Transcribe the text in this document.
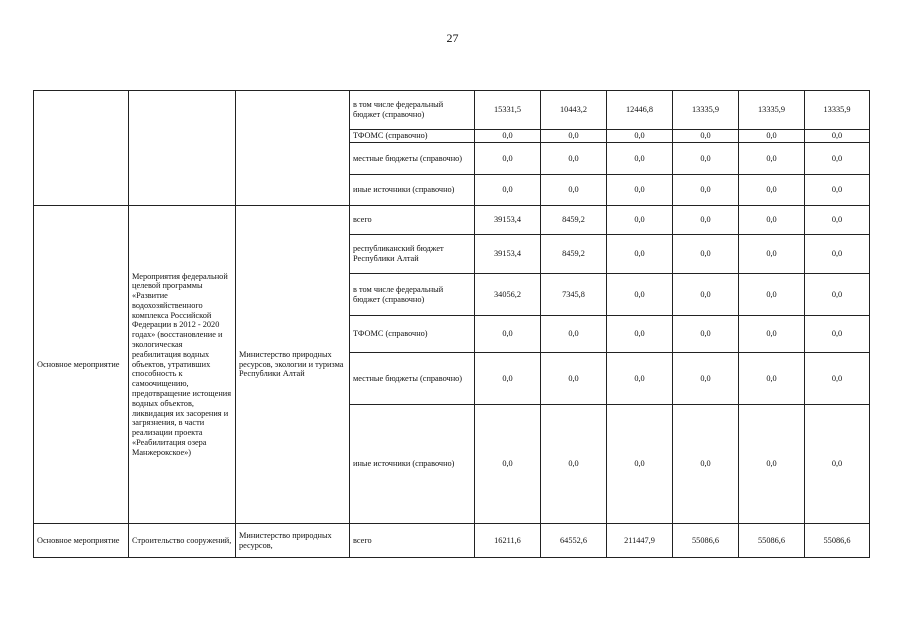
27
			в том числе федеральный бюджет (справочно)	15331,5	10443,2	12446,8	13335,9	13335,9	13335,9
			ТФОМС (справочно)	0,0	0,0	0,0	0,0	0,0	0,0
			местные бюджеты (справочно)	0,0	0,0	0,0	0,0	0,0	0,0
			иные источники (справочно)	0,0	0,0	0,0	0,0	0,0	0,0
Основное мероприятие	Мероприятия федеральной целевой программы «Развитие водохозяйственного комплекса Российской Федерации в 2012 - 2020 годах» (восстановление и экологическая реабилитация водных объектов, утративших способность к самоочищению, предотвращение истощения водных объектов, ликвидация их засорения и загрязнения, в части реализации проекта «Реабилитация озера Манжерокское»)	Министерство природных ресурсов, экологии и туризма Республики Алтай	всего	39153,4	8459,2	0,0	0,0	0,0	0,0
			республиканский бюджет Республики Алтай	39153,4	8459,2	0,0	0,0	0,0	0,0
			в том числе федеральный бюджет (справочно)	34056,2	7345,8	0,0	0,0	0,0	0,0
			ТФОМС (справочно)	0,0	0,0	0,0	0,0	0,0	0,0
			местные бюджеты (справочно)	0,0	0,0	0,0	0,0	0,0	0,0
			иные источники (справочно)	0,0	0,0	0,0	0,0	0,0	0,0
Основное мероприятие	Строительство сооружений,	Министерство природных ресурсов,	всего	16211,6	64552,6	211447,9	55086,6	55086,6	55086,6
